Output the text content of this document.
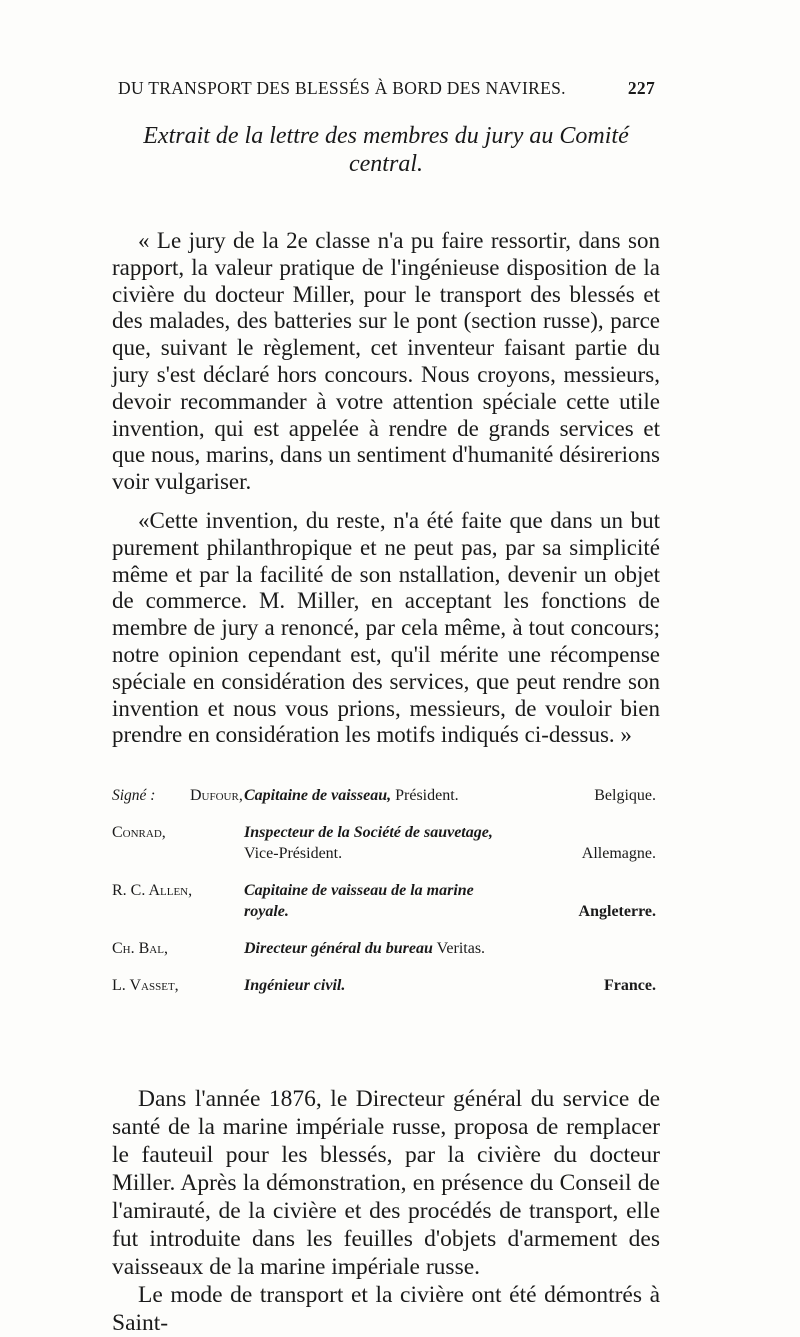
DU TRANSPORT DES BLESSÉS À BORD DES NAVIRES.	227
Extrait de la lettre des membres du jury au Comité central.
« Le jury de la 2e classe n'a pu faire ressortir, dans son rapport, la valeur pratique de l'ingénieuse disposition de la civière du docteur Miller, pour le transport des blessés et des malades, des batteries sur le pont (section russe), parce que, suivant le règlement, cet inventeur faisant partie du jury s'est déclaré hors concours. Nous croyons, messieurs, devoir recommander à votre attention spéciale cette utile invention, qui est appelée à rendre de grands services et que nous, marins, dans un sentiment d'humanité désirerions voir vulgariser.
«Cette invention, du reste, n'a été faite que dans un but purement philanthropique et ne peut pas, par sa simplicité même et par la facilité de son nstallation, devenir un objet de commerce. M. Miller, en acceptant les fonctions de membre de jury a renoncé, par cela même, à tout concours; notre opinion cependant est, qu'il mérite une récompense spéciale en considération des services, que peut rendre son invention et nous vous prions, messieurs, de vouloir bien prendre en considération les motifs indiqués ci-dessus. »
Signé : Dufour, Capitaine de vaisseau, Président.	Belgique.
Conrad,	Inspecteur de la Société de sauvetage, Vice-Président.	Allemagne.
R. C. Allen,	Capitaine de vaisseau de la marine royale.	Angleterre.
Ch. Bal,	Directeur général du bureau Veritas.
L. Vasset,	Ingénieur civil.	France.
Dans l'année 1876, le Directeur général du service de santé de la marine impériale russe, proposa de remplacer le fauteuil pour les blessés, par la civière du docteur Miller. Après la démonstration, en présence du Conseil de l'amirauté, de la civière et des procédés de transport, elle fut introduite dans les feuilles d'objets d'armement des vaisseaux de la marine impériale russe.
Le mode de transport et la civière ont été démontrés à Saint-
